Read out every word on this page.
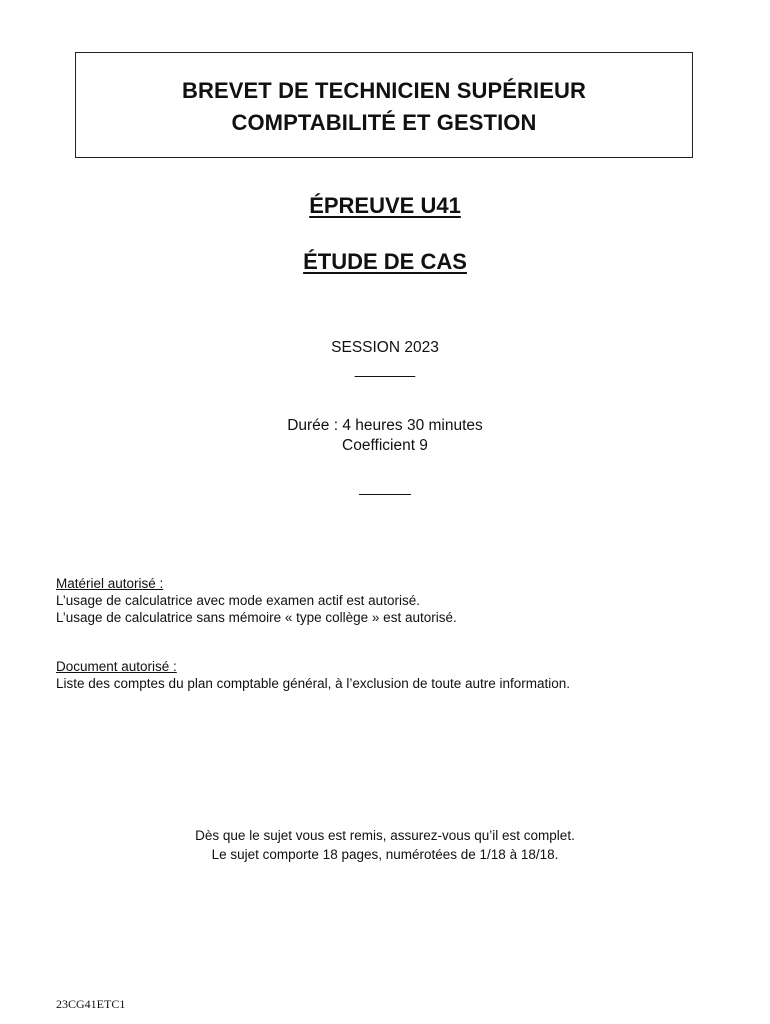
BREVET DE TECHNICIEN SUPÉRIEUR
COMPTABILITÉ ET GESTION
ÉPREUVE U41
ÉTUDE DE CAS
SESSION 2023
_______
Durée : 4 heures 30 minutes
Coefficient 9
______
Matériel autorisé :
L’usage de calculatrice avec mode examen actif est autorisé.
L’usage de calculatrice sans mémoire « type collège » est autorisé.
Document autorisé :
Liste des comptes du plan comptable général, à l’exclusion de toute autre information.
Dès que le sujet vous est remis, assurez-vous qu’il est complet.
Le sujet comporte 18 pages, numérotées de 1/18 à 18/18.
23CG41ETC1
